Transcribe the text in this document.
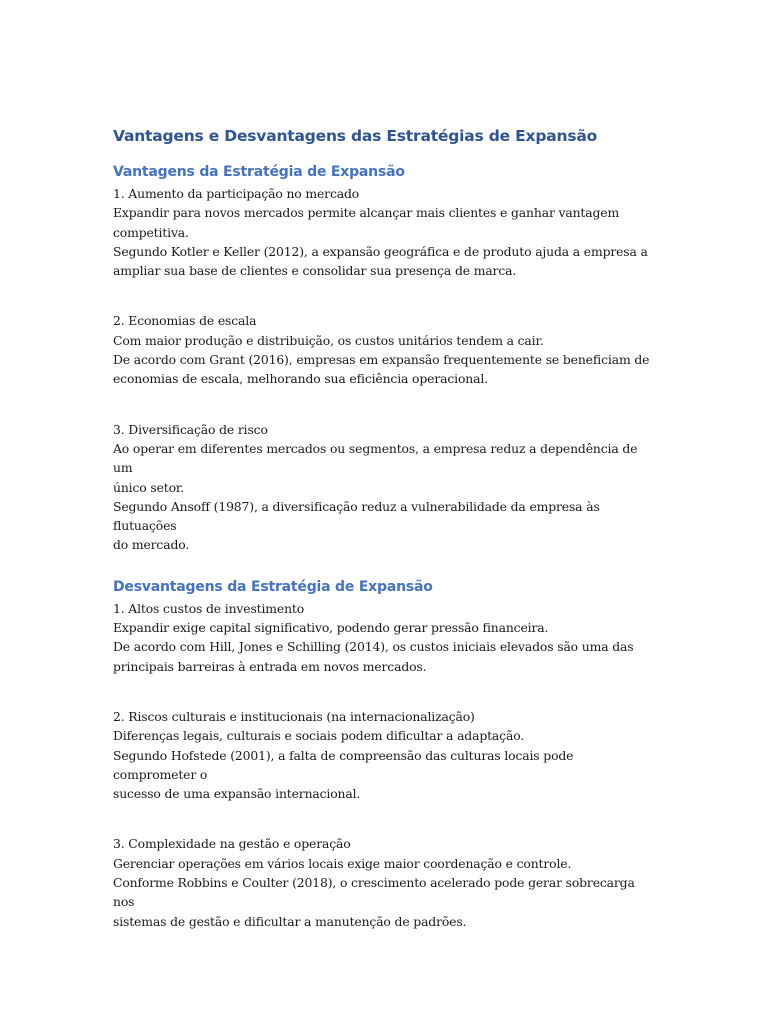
Vantagens e Desvantagens das Estratégias de Expansão
Vantagens da Estratégia de Expansão

1. Aumento da participação no mercado

Expandir para novos mercados permite alcançar mais clientes e ganhar vantagem

competitiva.

Segundo Kotler e Keller (2012), a expansão geográfica e de produto ajuda a empresa a

ampliar sua base de clientes e consolidar sua presença de marca.

2. Economias de escala

Com maior produção e distribuição, os custos unitários tendem a cair.

De acordo com Grant (2016), empresas em expansão frequentemente se beneficiam de

economias de escala, melhorando sua eficiência operacional.

3. Diversificação de risco

Ao operar em diferentes mercados ou segmentos, a empresa reduz a dependência de um

único setor.

Segundo Ansoff (1987), a diversificação reduz a vulnerabilidade da empresa às flutuações

do mercado.

Desvantagens da Estratégia de Expansão

1. Altos custos de investimento

Expandir exige capital significativo, podendo gerar pressão financeira.

De acordo com Hill, Jones e Schilling (2014), os custos iniciais elevados são uma das

principais barreiras à entrada em novos mercados.

2. Riscos culturais e institucionais (na internacionalização)

Diferenças legais, culturais e sociais podem dificultar a adaptação.

Segundo Hofstede (2001), a falta de compreensão das culturas locais pode comprometer o

sucesso de uma expansão internacional.

3. Complexidade na gestão e operação

Gerenciar operações em vários locais exige maior coordenação e controle.

Conforme Robbins e Coulter (2018), o crescimento acelerado pode gerar sobrecarga nos

sistemas de gestão e dificultar a manutenção de padrões.
